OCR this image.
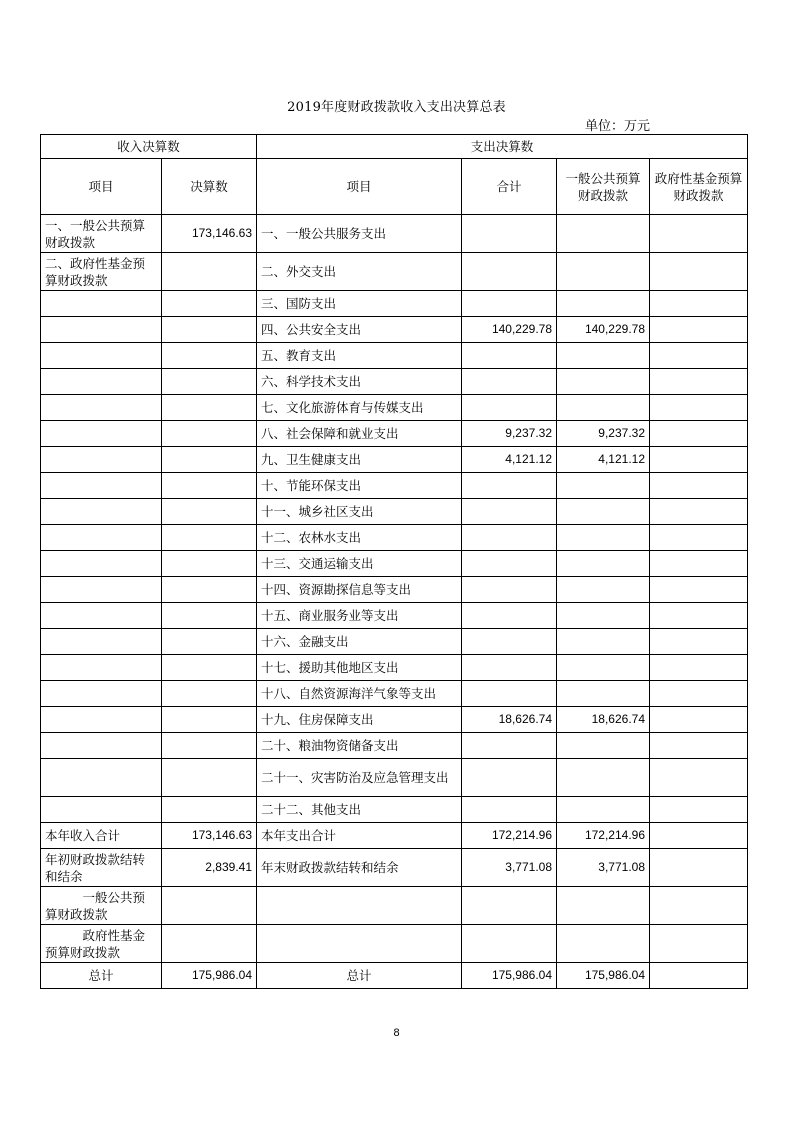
2019年度财政拨款收入支出决算总表
单位：万元
收入决算数		支出决算数			
项目	决算数	项目	合计	一般公共预算财政拨款	政府性基金预算财政拨款
一、一般公共预算财政拨款	173,146.63	一、一般公共服务支出			
二、政府性基金预算财政拨款		二、外交支出			
		三、国防支出			
		四、公共安全支出	140,229.78	140,229.78	
		五、教育支出			
		六、科学技术支出			
		七、文化旅游体育与传媒支出			
		八、社会保障和就业支出	9,237.32	9,237.32	
		九、卫生健康支出	4,121.12	4,121.12	
		十、节能环保支出			
		十一、城乡社区支出			
		十二、农林水支出			
		十三、交通运输支出			
		十四、资源勘探信息等支出			
		十五、商业服务业等支出			
		十六、金融支出			
		十七、援助其他地区支出			
		十八、自然资源海洋气象等支出			
		十九、住房保障支出	18,626.74	18,626.74	
		二十、粮油物资储备支出			
		二十一、灾害防治及应急管理支出			
		二十二、其他支出			
本年收入合计	173,146.63	本年支出合计	172,214.96	172,214.96	
年初财政拨款结转和结余	2,839.41	年末财政拨款结转和结余	3,771.08	3,771.08	
一般公共预算财政拨款					
政府性基金预算财政拨款					
总计	175,986.04	总计	175,986.04	175,986.04	
8
